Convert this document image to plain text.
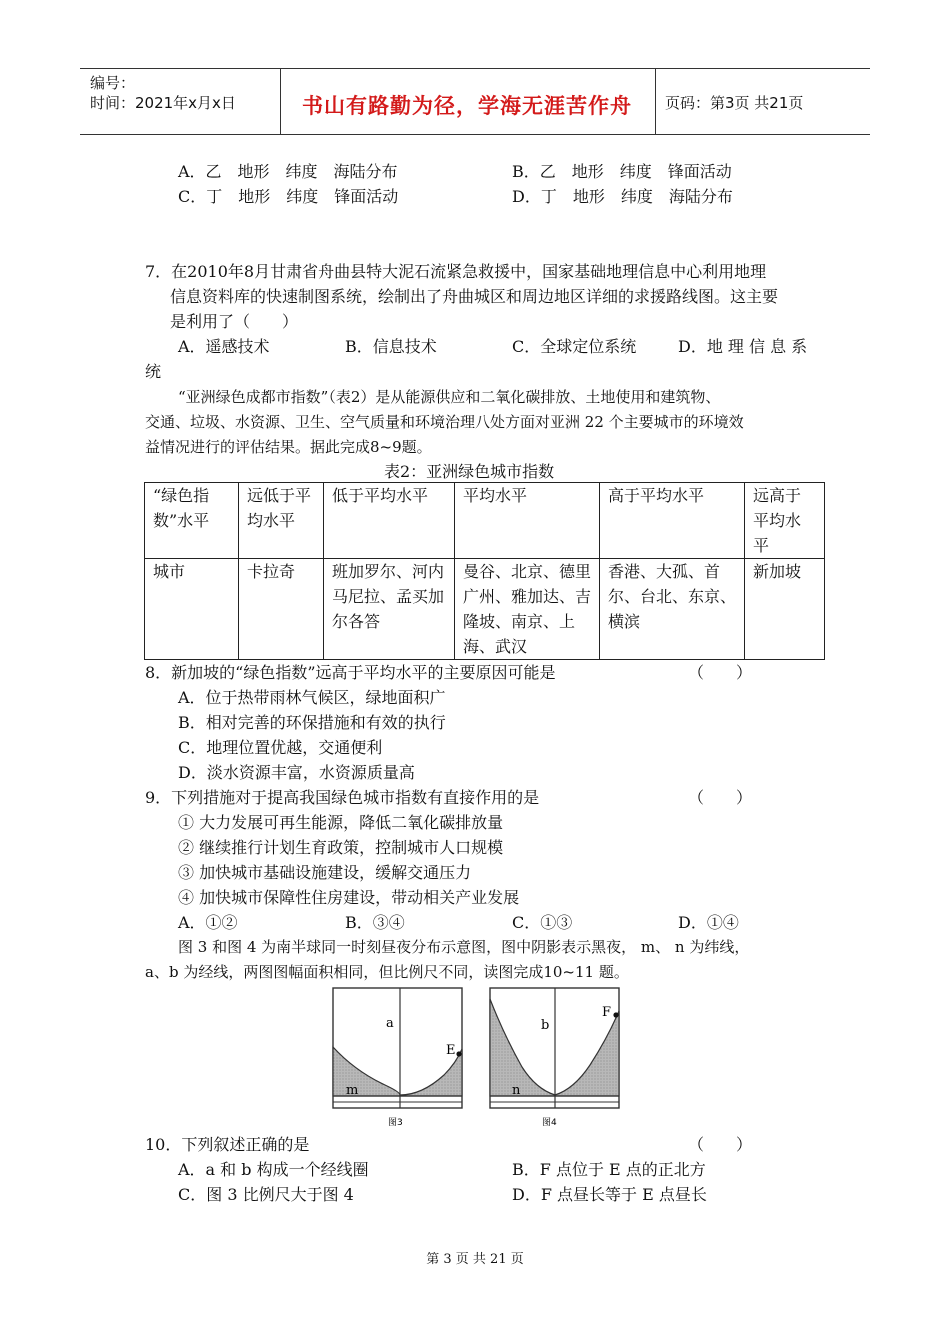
编号：
时间：2021年x月x日	书山有路勤为径，学海无涯苦作舟 页码：第3页 共21页
A．乙　地形　纬度　海陆分布	B．乙　地形　纬度　锋面活动
C．丁　地形　纬度　锋面活动	D．丁　地形　纬度　海陆分布
7．在2010年8月甘肃省舟曲县特大泥石流紧急救援中，国家基础地理信息中心利用地理
信息资料库的快速制图系统，绘制出了舟曲城区和周边地区详细的求援路线图。这主要
是利用了（　　）
A．遥感技术	B．信息技术	C．全球定位系统	D．地 理 信 息 系
统
“亚洲绿色成都市指数”（表2）是从能源供应和二氧化碳排放、土地使用和建筑物、
交通、垃圾、水资源、卫生、空气质量和环境治理八处方面对亚洲 22 个主要城市的环境效
益情况进行的评估结果。据此完成8~9题。
表2：亚洲绿色城市指数
“绿色指数”水平	远低于平均水平	低于平均水平	平均水平	高于平均水平	远高于平均水平
城市	卡拉奇	班加罗尔、河内马尼拉、孟买加尔各答	曼谷、北京、德里广州、雅加达、吉隆坡、南京、上海、武汉	香港、大孤、首尔、台北、东京、横滨	新加坡
8．新加坡的“绿色指数”远高于平均水平的主要原因可能是	（　　）
A．位于热带雨林气候区，绿地面积广
B．相对完善的环保措施和有效的执行
C．地理位置优越，交通便利
D．淡水资源丰富，水资源质量高
9．下列措施对于提高我国绿色城市指数有直接作用的是	（　　）
① 大力发展可再生能源，降低二氧化碳排放量
② 继续推行计划生育政策，控制城市人口规模
③ 加快城市基础设施建设，缓解交通压力
④ 加快城市保障性住房建设，带动相关产业发展
A．①②	B．③④	C．①③	D．①④
图 3 和图 4 为南半球同一时刻昼夜分布示意图，图中阴影表示黑夜， m、 n 为纬线，
a、b 为经线，两图图幅面积相同，但比例尺不同，读图完成10~11 题。
a
E
m
图3
b
F
n
图4
10．下列叙述正确的是	（　　）
A．a 和 b 构成一个经线圈	B．F 点位于 E 点的正北方
C．图 3 比例尺大于图 4	D．F 点昼长等于 E 点昼长
第 3 页 共 21 页
